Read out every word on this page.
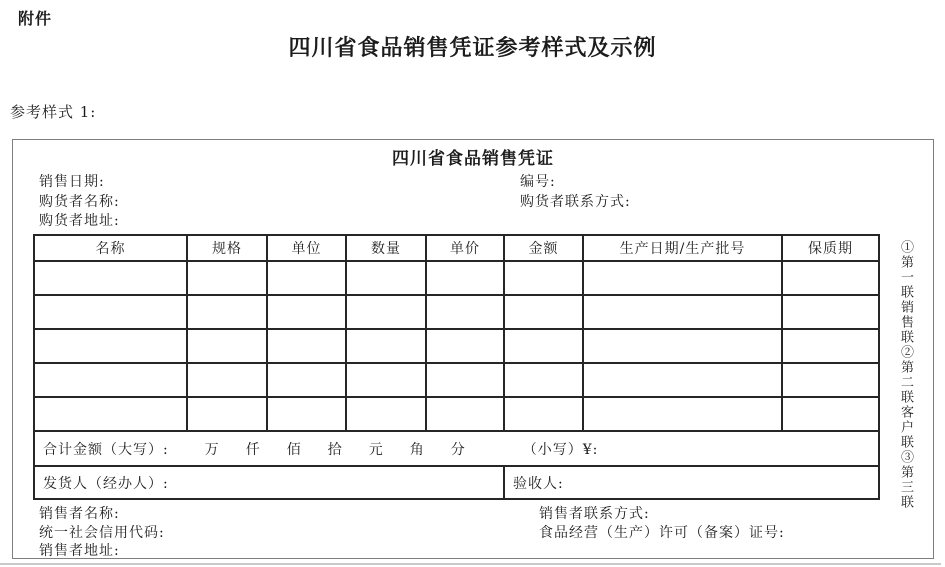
附件
四川省食品销售凭证参考样式及示例
参考样式 1:
四川省食品销售凭证
销售日期:
购货者名称:
购货者地址:
编号:
购货者联系方式:
名称	规格	单位	数量	单价	金额	生产日期/生产批号	保质期

合计金额（大写）:	万 仟 佰 拾 元 角 分	（小写）¥:

发货人（经办人）:					验收人:			①第一联销售联②第二联客户联③第三联
销售者名称:
统一社会信用代码:
销售者地址:
销售者联系方式:
食品经营（生产）许可（备案）证号:
